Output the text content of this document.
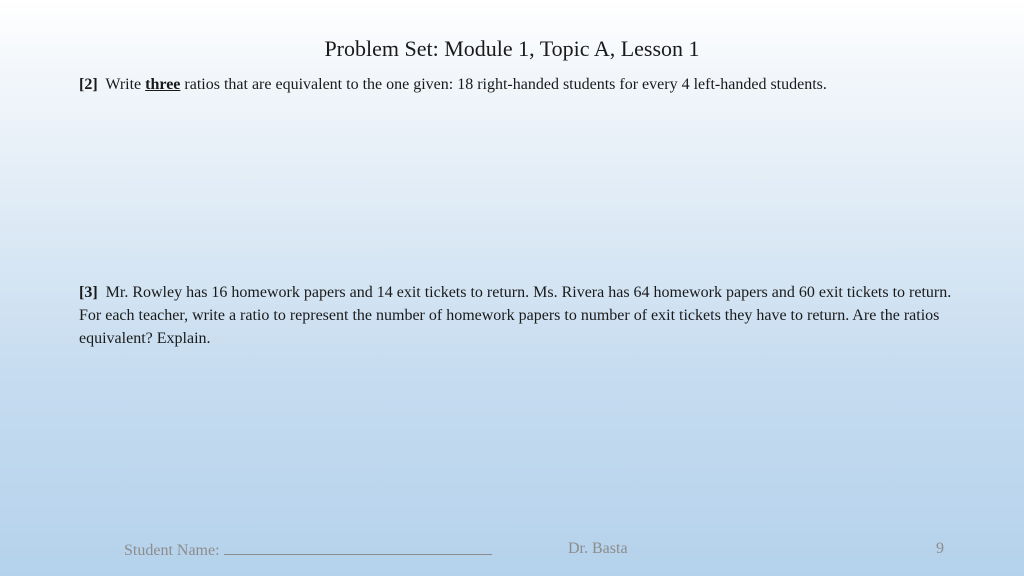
Problem Set: Module 1, Topic A, Lesson 1
[2] Write three ratios that are equivalent to the one given: 18 right-handed students for every 4 left-handed students.
[3] Mr. Rowley has 16 homework papers and 14 exit tickets to return. Ms. Rivera has 64 homework papers and 60 exit tickets to return. For each teacher, write a ratio to represent the number of homework papers to number of exit tickets they have to return. Are the ratios equivalent? Explain.
Student Name:	Dr. Basta	9
